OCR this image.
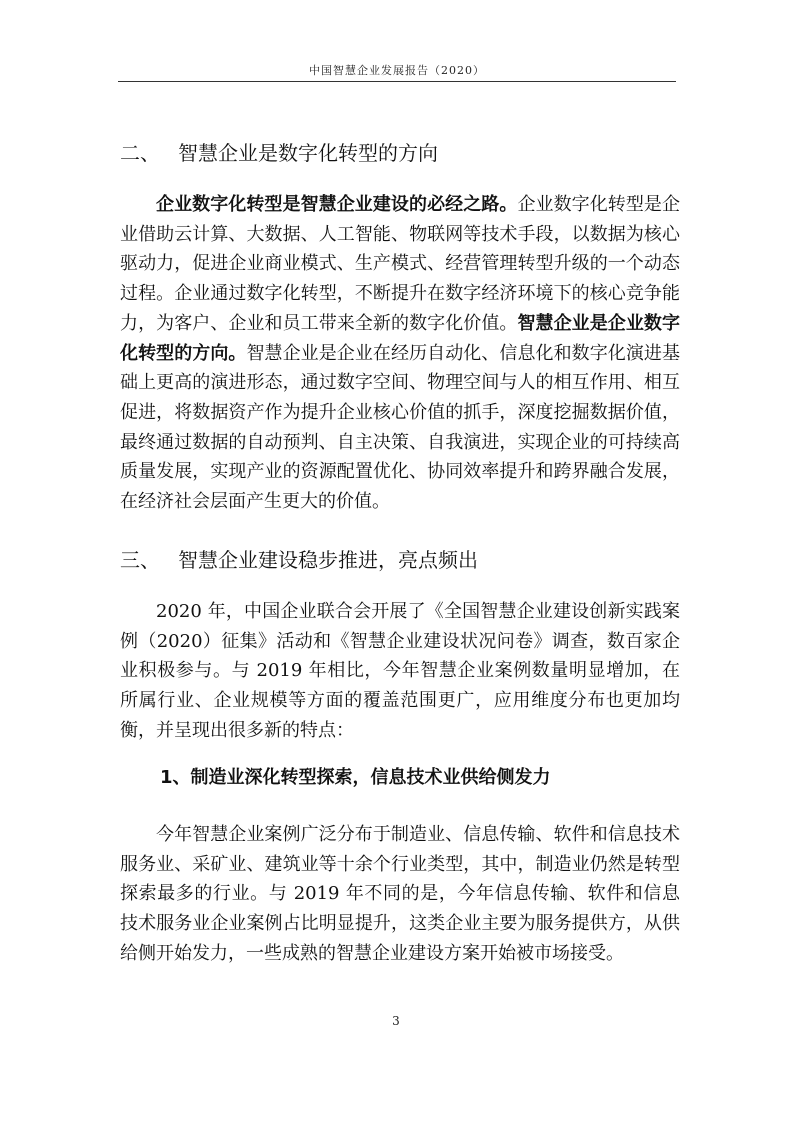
中国智慧企业发展报告（2020）
二、 智慧企业是数字化转型的方向

企业数字化转型是智慧企业建设的必经之路。企业数字化转型是企业借助云计算、大数据、人工智能、物联网等技术手段，以数据为核心驱动力，促进企业商业模式、生产模式、经营管理转型升级的一个动态过程。企业通过数字化转型，不断提升在数字经济环境下的核心竞争能力，为客户、企业和员工带来全新的数字化价值。智慧企业是企业数字化转型的方向。智慧企业是企业在经历自动化、信息化和数字化演进基础上更高的演进形态，通过数字空间、物理空间与人的相互作用、相互促进，将数据资产作为提升企业核心价值的抓手，深度挖掘数据价值，最终通过数据的自动预判、自主决策、自我演进，实现企业的可持续高质量发展，实现产业的资源配置优化、协同效率提升和跨界融合发展，在经济社会层面产生更大的价值。

三、 智慧企业建设稳步推进，亮点频出

2020 年，中国企业联合会开展了《全国智慧企业建设创新实践案例（2020）征集》活动和《智慧企业建设状况问卷》调查，数百家企业积极参与。与 2019 年相比，今年智慧企业案例数量明显增加，在所属行业、企业规模等方面的覆盖范围更广，应用维度分布也更加均衡，并呈现出很多新的特点：

1、制造业深化转型探索，信息技术业供给侧发力

今年智慧企业案例广泛分布于制造业、信息传输、软件和信息技术服务业、采矿业、建筑业等十余个行业类型，其中，制造业仍然是转型探索最多的行业。与 2019 年不同的是，今年信息传输、软件和信息技术服务业企业案例占比明显提升，这类企业主要为服务提供方，从供给侧开始发力，一些成熟的智慧企业建设方案开始被市场接受。

3
